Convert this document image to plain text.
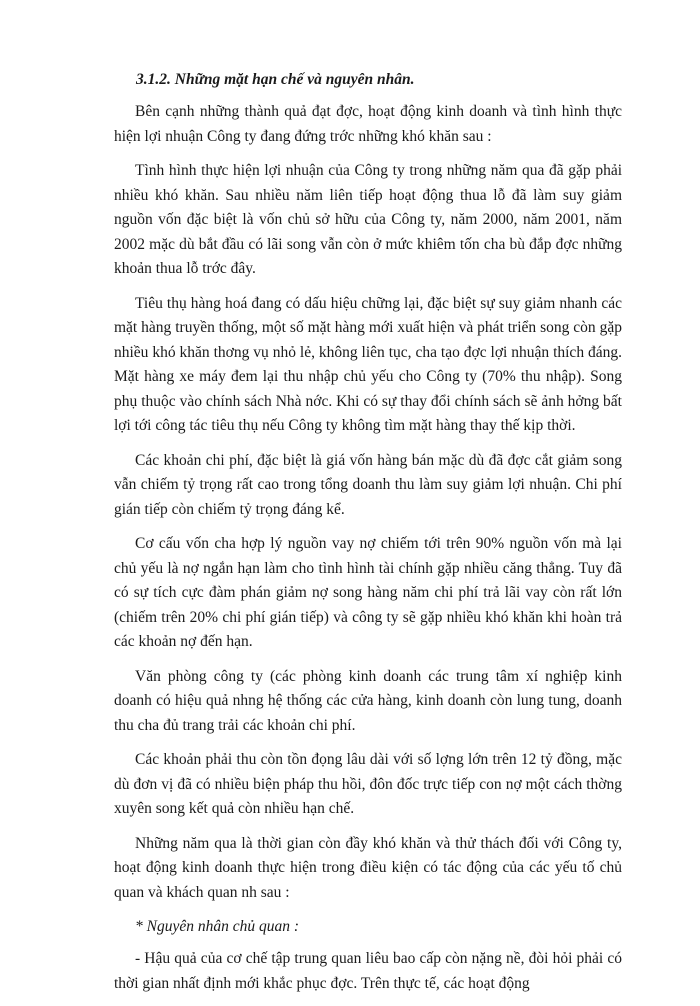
3.1.2. Những mặt hạn chế và nguyên nhân.

Bên cạnh những thành quả đạt đợc, hoạt động kinh doanh và tình hình thực hiện lợi nhuận Công ty đang đứng trớc những khó khăn sau :

Tình hình thực hiện lợi nhuận của Công ty trong những năm qua đã gặp phải nhiều khó khăn. Sau nhiều năm liên tiếp hoạt động thua lỗ đã làm suy giảm nguồn vốn đặc biệt là vốn chủ sở hữu của Công ty, năm 2000, năm 2001, năm 2002 mặc dù bắt đầu có lãi song vẫn còn ở mức khiêm tốn cha bù đắp đợc những khoản thua lỗ trớc đây.

Tiêu thụ hàng hoá đang có dấu hiệu chững lại, đặc biệt sự suy giảm nhanh các mặt hàng truyền thống, một số mặt hàng mới xuất hiện và phát triển song còn gặp nhiều khó khăn thơng vụ nhỏ lẻ, không liên tục, cha tạo đợc lợi nhuận thích đáng. Mặt hàng xe máy đem lại thu nhập chủ yếu cho Công ty (70% thu nhập). Song phụ thuộc vào chính sách Nhà nớc. Khi có sự thay đổi chính sách sẽ ảnh hởng bất lợi tới công tác tiêu thụ nếu Công ty không tìm mặt hàng thay thế kịp thời.

Các khoản chi phí, đặc biệt là giá vốn hàng bán mặc dù đã đợc cắt giảm song vẫn chiếm tỷ trọng rất cao trong tổng doanh thu làm suy giảm lợi nhuận. Chi phí gián tiếp còn chiếm tỷ trọng đáng kể.

Cơ cấu vốn cha hợp lý nguồn vay nợ chiếm tới trên 90% nguồn vốn mà lại chủ yếu là nợ ngắn hạn làm cho tình hình tài chính gặp nhiều căng thẳng. Tuy đã có sự tích cực đàm phán giảm nợ song hàng năm chi phí trả lãi vay còn rất lớn (chiếm trên 20% chi phí gián tiếp) và công ty sẽ gặp nhiều khó khăn khi hoàn trả các khoản nợ đến hạn.

Văn phòng công ty (các phòng kinh doanh các trung tâm xí nghiệp kinh doanh có hiệu quả nhng hệ thống các cửa hàng, kinh doanh còn lung tung, doanh thu cha đủ trang trải các khoản chi phí.

Các khoản phải thu còn tồn đọng lâu dài với số lợng lớn trên 12 tỷ đồng, mặc dù đơn vị đã có nhiều biện pháp thu hồi, đôn đốc trực tiếp con nợ một cách thờng xuyên song kết quả còn nhiều hạn chế.

Những năm qua là thời gian còn đầy khó khăn và thử thách đối với Công ty, hoạt động kinh doanh thực hiện trong điều kiện có tác động của các yếu tố chủ quan và khách quan nh sau :

* Nguyên nhân chủ quan :

- Hậu quả của cơ chế tập trung quan liêu bao cấp còn nặng nề, đòi hỏi phải có thời gian nhất định mới khắc phục đợc. Trên thực tế, các hoạt động
